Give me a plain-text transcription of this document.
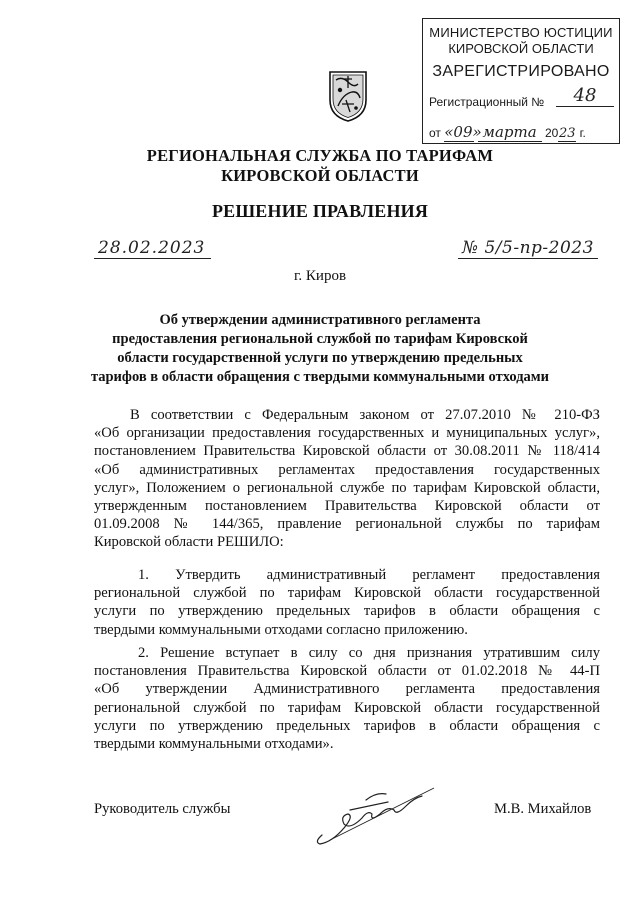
МИНИСТЕРСТВО ЮСТИЦИИ
КИРОВСКОЙ ОБЛАСТИ
ЗАРЕГИСТРИРОВАНО
Регистрационный №	48
от «09» марта 2023 г.
РЕГИОНАЛЬНАЯ СЛУЖБА ПО ТАРИФАМ
КИРОВСКОЙ ОБЛАСТИ
РЕШЕНИЕ ПРАВЛЕНИЯ
28.02.2023	№ 5/5-пр-2023
г. Киров
Об утверждении административного регламента
предоставления региональной службой по тарифам Кировской
области государственной услуги по утверждению предельных
тарифов в области обращения с твердыми коммунальными отходами
В соответствии с Федеральным законом от 27.07.2010 № 210-ФЗ
«Об организации предоставления государственных и муниципальных услуг»,
постановлением Правительства Кировской области от 30.08.2011 № 118/414
«Об административных регламентах предоставления государственных
услуг», Положением о региональной службе по тарифам Кировской области,
утвержденным постановлением Правительства Кировской области от
01.09.2008 № 144/365, правление региональной службы по тарифам
Кировской области РЕШИЛО:
1. Утвердить административный регламент предоставления
региональной службой по тарифам Кировской области государственной
услуги по утверждению предельных тарифов в области обращения с
твердыми коммунальными отходами согласно приложению.
2. Решение вступает в силу со дня признания утратившим силу
постановления Правительства Кировской области от 01.02.2018 № 44-П
«Об утверждении Административного регламента предоставления
региональной службой по тарифам Кировской области государственной
услуги по утверждению предельных тарифов в области обращения с
твердыми коммунальными отходами».
Руководитель службы	М.В. Михайлов
